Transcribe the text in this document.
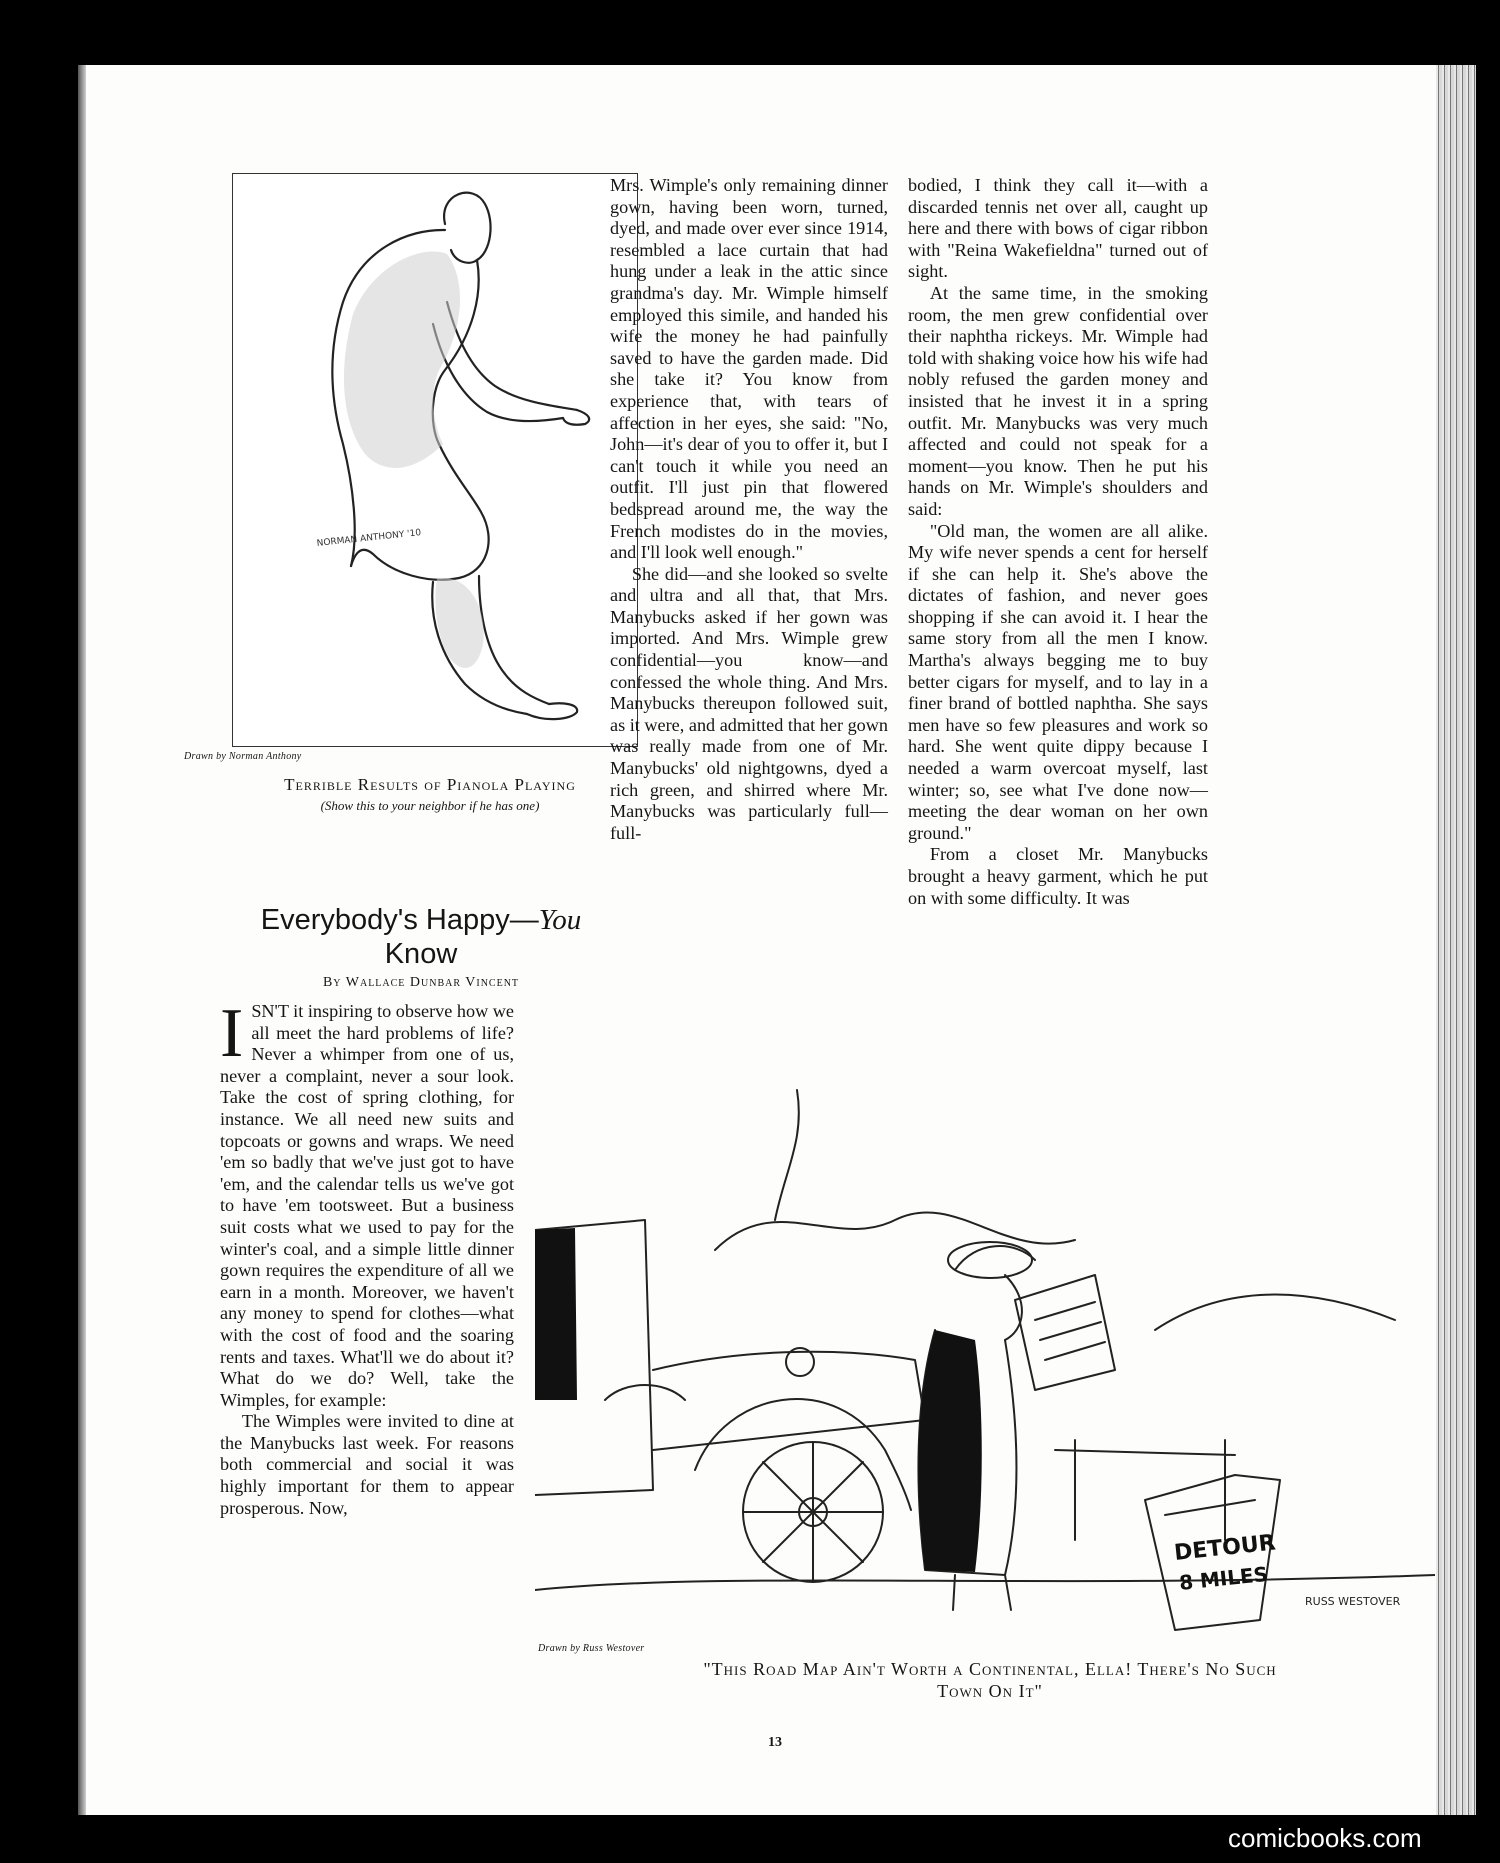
NORMAN ANTHONY '10
Drawn by Norman Anthony
Terrible Results of Pianola Playing
(Show this to your neighbor if he has one)
Everybody's Happy—You
Know
By Wallace Dunbar Vincent

ISN'T it inspiring to observe how we all meet the hard problems of life? Never a whimper from one of us, never a complaint, never a sour look. Take the cost of spring clothing, for instance. We all need new suits and topcoats or gowns and wraps. We need 'em so badly that we've just got to have 'em, and the calendar tells us we've got to have 'em tootsweet. But a business suit costs what we used to pay for the winter's coal, and a simple little dinner gown requires the expenditure of all we earn in a month. Moreover, we haven't any money to spend for clothes—what with the cost of food and the soaring rents and taxes. What'll we do about it? What do we do? Well, take the Wimples, for example:

The Wimples were invited to dine at the Manybucks last week. For reasons both commercial and social it was highly important for them to appear prosperous. Now,

Mrs. Wimple's only remaining dinner gown, having been worn, turned, dyed, and made over ever since 1914, resembled a lace curtain that had hung under a leak in the attic since grandma's day. Mr. Wimple himself employed this simile, and handed his wife the money he had painfully saved to have the garden made. Did she take it? You know from experience that, with tears of affection in her eyes, she said: "No, John—it's dear of you to offer it, but I can't touch it while you need an outfit. I'll just pin that flowered bedspread around me, the way the French modistes do in the movies, and I'll look well enough."

She did—and she looked so svelte and ultra and all that, that Mrs. Manybucks asked if her gown was imported. And Mrs. Wimple grew confidential—you know—and confessed the whole thing. And Mrs. Manybucks thereupon followed suit, as it were, and admitted that her gown was really made from one of Mr. Manybucks' old nightgowns, dyed a rich green, and shirred where Mr. Manybucks was particularly full—full-

bodied, I think they call it—with a discarded tennis net over all, caught up here and there with bows of cigar ribbon with "Reina Wakefieldna" turned out of sight.

At the same time, in the smoking room, the men grew confidential over their naphtha rickeys. Mr. Wimple had told with shaking voice how his wife had nobly refused the garden money and insisted that he invest it in a spring outfit. Mr. Manybucks was very much affected and could not speak for a moment—you know. Then he put his hands on Mr. Wimple's shoulders and said:

"Old man, the women are all alike. My wife never spends a cent for herself if she can help it. She's above the dictates of fashion, and never goes shopping if she can avoid it. I hear the same story from all the men I know. Martha's always begging me to buy better cigars for myself, and to lay in a finer brand of bottled naphtha. She says men have so few pleasures and work so hard. She went quite dippy because I needed a warm overcoat myself, last winter; so, see what I've done now—meeting the dear woman on her own ground."

From a closet Mr. Manybucks brought a heavy garment, which he put on with some difficulty. It was

DETOUR
8 MILES
RUSS WESTOVER
Drawn by Russ Westover
"This Road Map Ain't Worth a Continental, Ella! There's No Such
Town On It"
13
comicbooks.com
